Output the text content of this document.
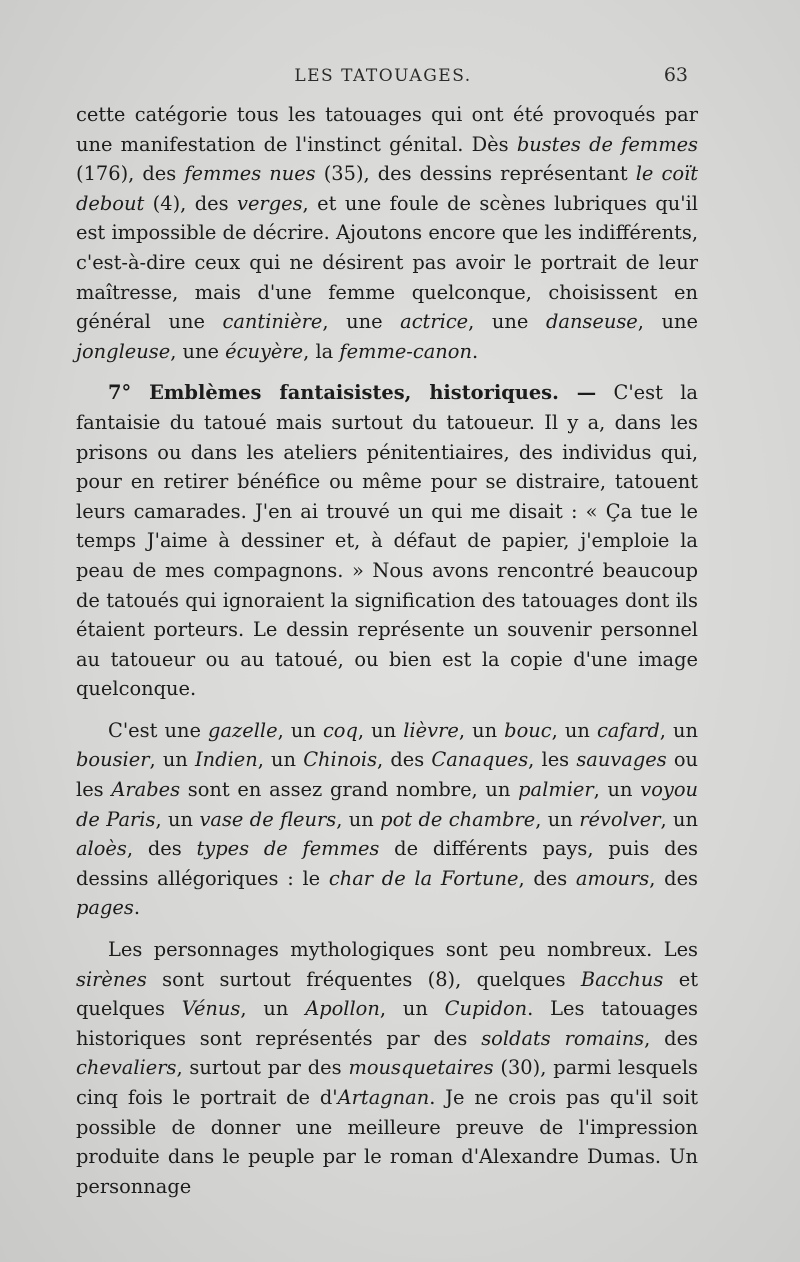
LES TATOUAGES.	63

cette catégorie tous les tatouages qui ont été provoqués par une manifestation de l'instinct génital. Dès bustes de femmes (176), des femmes nues (35), des dessins représentant le coït debout (4), des verges, et une foule de scènes lubriques qu'il est impossible de décrire. Ajoutons encore que les indifférents, c'est-à-dire ceux qui ne désirent pas avoir le portrait de leur maîtresse, mais d'une femme quelconque, choisissent en général une cantinière, une actrice, une danseuse, une jongleuse, une écuyère, la femme-canon.

7° Emblèmes fantaisistes, historiques. — C'est la fantaisie du tatoué mais surtout du tatoueur. Il y a, dans les prisons ou dans les ateliers pénitentiaires, des individus qui, pour en retirer bénéfice ou même pour se distraire, tatouent leurs camarades. J'en ai trouvé un qui me disait : « Ça tue le temps J'aime à dessiner et, à défaut de papier, j'emploie la peau de mes compagnons. » Nous avons rencontré beaucoup de tatoués qui ignoraient la signification des tatouages dont ils étaient porteurs. Le dessin représente un souvenir personnel au tatoueur ou au tatoué, ou bien est la copie d'une image quelconque.

C'est une gazelle, un coq, un lièvre, un bouc, un cafard, un bousier, un Indien, un Chinois, des Canaques, les sauvages ou les Arabes sont en assez grand nombre, un palmier, un voyou de Paris, un vase de fleurs, un pot de chambre, un révolver, un aloès, des types de femmes de différents pays, puis des dessins allégoriques : le char de la Fortune, des amours, des pages.

Les personnages mythologiques sont peu nombreux. Les sirènes sont surtout fréquentes (8), quelques Bacchus et quelques Vénus, un Apollon, un Cupidon. Les tatouages historiques sont représentés par des soldats romains, des chevaliers, surtout par des mousquetaires (30), parmi lesquels cinq fois le portrait de d'Artagnan. Je ne crois pas qu'il soit possible de donner une meilleure preuve de l'impression produite dans le peuple par le roman d'Alexandre Dumas. Un personnage
